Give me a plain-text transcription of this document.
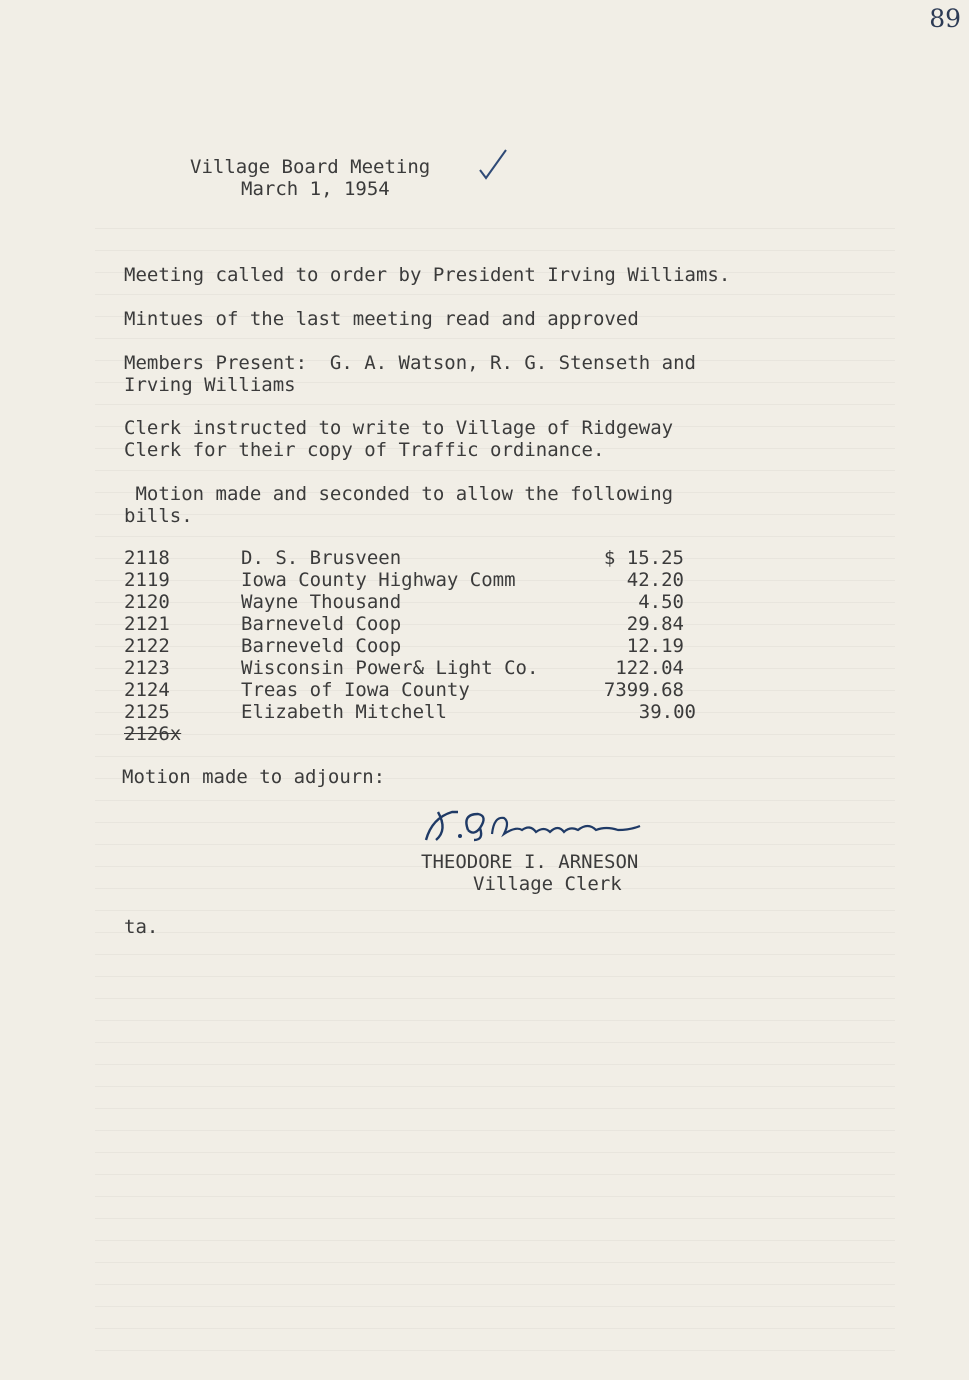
89
Village Board Meeting
March 1, 1954
Meeting called to order by President Irving Williams.
Mintues of the last meeting read and approved
Members Present:  G. A. Watson, R. G. Stenseth and
Irving Williams
Clerk instructed to write to Village of Ridgeway
Clerk for their copy of Traffic ordinance.
Motion made and seconded to allow the following
bills.
2118	D. S. Brusveen	$ 15.25
2119	Iowa County Highway Comm	42.20
2120	Wayne Thousand	4.50
2121	Barneveld Coop	29.84
2122	Barneveld Coop	12.19
2123	Wisconsin Power& Light Co.	122.04
2124	Treas of Iowa County	7399.68
2125	Elizabeth Mitchell	39.00
2126x
Motion made to adjourn:
THEODORE I. ARNESON
Village Clerk
ta.
